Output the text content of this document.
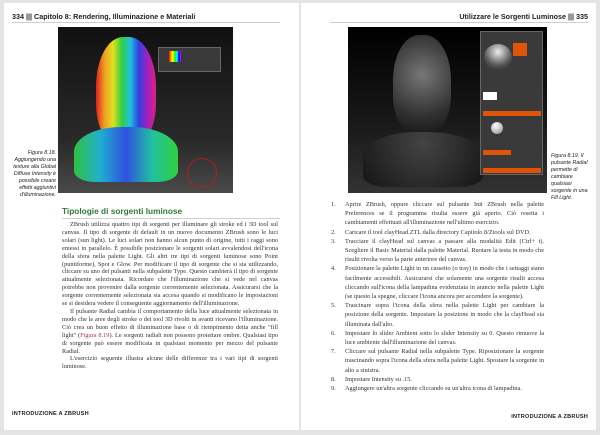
334 ||| Capitolo 8: Rendering, Illuminazione e Materiali
Figura 8.18. Aggiungendo una texture alla Global Diffuse Intensity è possibile creare effetti aggiuntivi d'illuminazione.
Tipologie di sorgenti luminose

ZBrush utilizza quattro tipi di sorgenti per illuminare gli stroke ed i 3D tool sul canvas. Il tipo di sorgente di default in un nuovo documento ZBrush sono le luci solari (sun light). Le luci solari non hanno alcun punto di origine, tutti i raggi sono emessi in parallelo. È possibile posizionare le sorgenti solari avvalendosi dell'icona della sfera nella palette Light. Gli altri tre tipi di sorgenti luminose sono Point (puntiforme), Spot e Glow. Per modificare il tipo di sorgente che si sta utilizzando, cliccare su uno dei pulsanti nella subpalette Type. Questo cambierà il tipo di sorgente attualmente selezionata. Ricordare che l'illuminazione che si vede nel canvas potrebbe non provenire dalla sorgente correntemente selezionata. Assicurarsi che la sorgente correntemente selezionata sia accesa quando si modificano le impostazioni se si desidera vedere il conseguente aggiornamento dell'illuminazione.

Il pulsante Radial cambia il comportamento della luce attualmente selezionata in modo che le aree degli stroke o dei tool 3D rivolti in avanti ricevano l'illuminazione. Ciò crea un buon effetto di illuminazione base o di riempimento detta anche "fill light" (Figura 8.19). Le sorgenti radiali non possono proiettare ombre. Qualsiasi tipo di sorgente può essere modificata in qualsiasi momento per mezzo del pulsante Radial.

L'esercizio seguente illustra alcune delle differenze tra i vari tipi di sorgenti luminose.

INTRODUZIONE A ZBRUSH
Utilizzare le Sorgenti Luminose ||| 335
Figura 8.19. Il pulsante Radial permette di cambiare qualsiasi sorgente in una Fill Light.
1. Aprire ZBrush, oppure cliccare sul pulsante Init ZBrush nella palette Preferences se il programma risulta essere già aperto. Ciò resetta i cambiamenti effettuati all'illuminazione nell'ultimo esercizio.
2. Caricare il tool clayHead.ZTL dalla directory Capitolo 8/Ztools sul DVD.
3. Tracciare il clayHead sul canvas a passare alla modalità Edit (Ctrl+ t). Scegliere il Basic Material dalla palette Material. Ruotare la testa in modo che risulti rivolta verso la parte anteriore del canvas.
4. Posizionare la palette Light in un cassetto (o tray) in modo che i settaggi siano facilmente accessibili. Assicurarsi che solamente una sorgente risulti accesa cliccando sull'icona della lampadina evidenziata in arancio nella palette Light (se questo la spegne, cliccare l'icona ancora per accendere la sorgente).
5. Trascinare sopra l'icona della sfera nella palette Light per cambiare la posizione della sorgente. Impostare la posizione in modo che la clayHead sia illuminata dall'alto.
6. Impostare lo slider Ambient sotto lo slider Intensity su 0. Questo rimuove la luce ambiente dall'illuminazione del canvas.
7. Cliccare sul pulsante Radial nella subpalette Type. Riposizionare la sorgente trascinando sopra l'icona della sfera nella palette Light. Spostare la sorgente in alto a sinistra.
8. Impostare Intensity su .15.
9. Aggiungere un'altra sorgente cliccando su un'altra icona di lampadina.
INTRODUZIONE A ZBRUSH
